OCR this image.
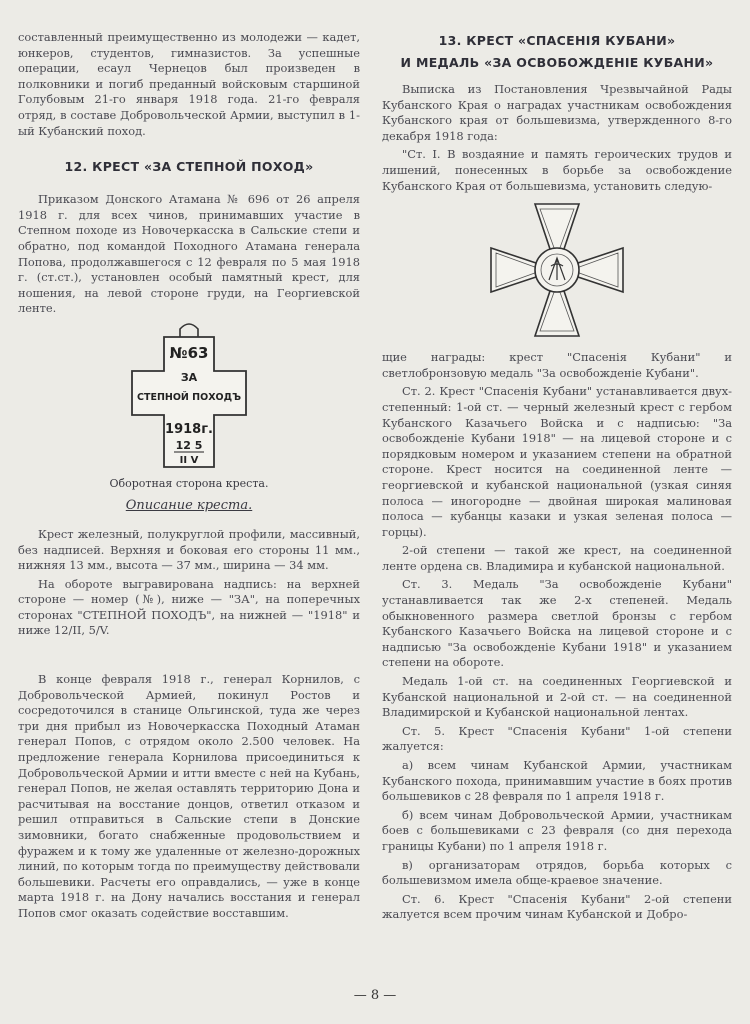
составленный преимущественно из молодежи — кадет, юнкеров, студентов, гимназистов. За успешные операции, есаул Чернецов был произведен в полковники и погиб преданный войсковым старшиной Голубовым 21-го января 1918 года. 21-го февраля отряд, в составе Добровольческой Армии, выступил в 1-ый Кубанский поход.

12. КРЕСТ «ЗА СТЕПНОЙ ПОХОД»

Приказом Донского Атамана № 696 от 26 апреля 1918 г. для всех чинов, принимавших участие в Степном походе из Новочеркасска в Сальские степи и обратно, под командой Походного Атамана генерала Попова, продолжавшегося с 12 февраля по 5 мая 1918 г. (ст.ст.), установлен особый памятный крест, для ношения, на левой стороне груди, на Георгиевской ленте.

№63
ЗА
СТЕПНОЙ ПОХОДЪ
1918г.
12 5
II V
Оборотная сторона креста.
Описание креста.

Крест железный, полукруглой профили, массивный, без надписей. Верхняя и боковая его стороны 11 мм., нижняя 13 мм., высота — 37 мм., ширина — 34 мм.

На обороте выгравирована надпись: на верхней стороне — номер (№), ниже — "ЗА", на поперечных сторонах "СТЕПНОЙ ПОХОДЪ", на нижней — "1918" и ниже 12/II, 5/V.

В конце февраля 1918 г., генерал Корнилов, с Добровольческой Армией, покинул Ростов и сосредоточился в станице Ольгинской, туда же через три дня прибыл из Новочеркасска Походный Атаман генерал Попов, с отрядом около 2.500 человек. На предложение генерала Корнилова присоединиться к Добровольческой Армии и итти вместе с ней на Кубань, генерал Попов, не желая оставлять территорию Дона и расчитывая на восстание донцов, ответил отказом и решил отправиться в Сальские степи в Донские зимовники, богато снабженные продовольствием и фуражем и к тому же удаленные от железно-дорожных линий, по которым тогда по преимуществу действовали большевики. Расчеты его оправдались, — уже в конце марта 1918 г. на Дону начались восстания и генерал Попов смог оказать содействие восставшим.

13. КРЕСТ «СПАСЕНІЯ КУБАНИ»
И МЕДАЛЬ «ЗА ОСВОБОЖДЕНІЕ КУБАНИ»

Выписка из Постановления Чрезвычайной Рады Кубанского Края о наградах участникам освобождения Кубанского края от большевизма, утвержденного 8-го декабря 1918 года:

"Ст. I. В воздаяние и память героических трудов и лишений, понесенных в борьбе за освобождение Кубанского Края от большевизма, установить следую-

щие награды: крест "Спасенія Кубани" и светлобронзовую медаль "За освобожденіе Кубани".

Ст. 2. Крест "Спасенія Кубани" устанавливается двух-степенный: 1-ой ст. — черный железный крест с гербом Кубанского Казачьего Войска и с надписью: "За освобожденіе Кубани 1918" — на лицевой стороне и с порядковым номером и указанием степени на обратной стороне. Крест носится на соединенной ленте — георгиевской и кубанской национальной (узкая синяя полоса — иногородне — двойная широкая малиновая полоса — кубанцы казаки и узкая зеленая полоса — горцы).

2-ой степени — такой же крест, на соединенной ленте ордена св. Владимира и кубанской национальной.

Ст. 3. Медаль "За освобожденіе Кубани" устанавливается так же 2-х степеней. Медаль обыкновенного размера светлой бронзы с гербом Кубанского Казачьего Войска на лицевой стороне и с надписью "За освобожденіе Кубани 1918" и указанием степени на обороте.

Медаль 1-ой ст. на соединенных Георгиевской и Кубанской национальной и 2-ой ст. — на соединенной Владимирской и Кубанской национальной лентах.

Ст. 5. Крест "Спасенія Кубани" 1-ой степени жалуется:

а) всем чинам Кубанской Армии, участникам Кубанского похода, принимавшим участие в боях против большевиков с 28 февраля по 1 апреля 1918 г.

б) всем чинам Добровольческой Армии, участникам боев с большевиками с 23 февраля (со дня перехода границы Кубани) по 1 апреля 1918 г.

в) организаторам отрядов, борьба которых с большевизмом имела обще-краевое значение.

Ст. 6. Крест "Спасенія Кубани" 2-ой степени жалуется всем прочим чинам Кубанской и Добро-

— 8 —
